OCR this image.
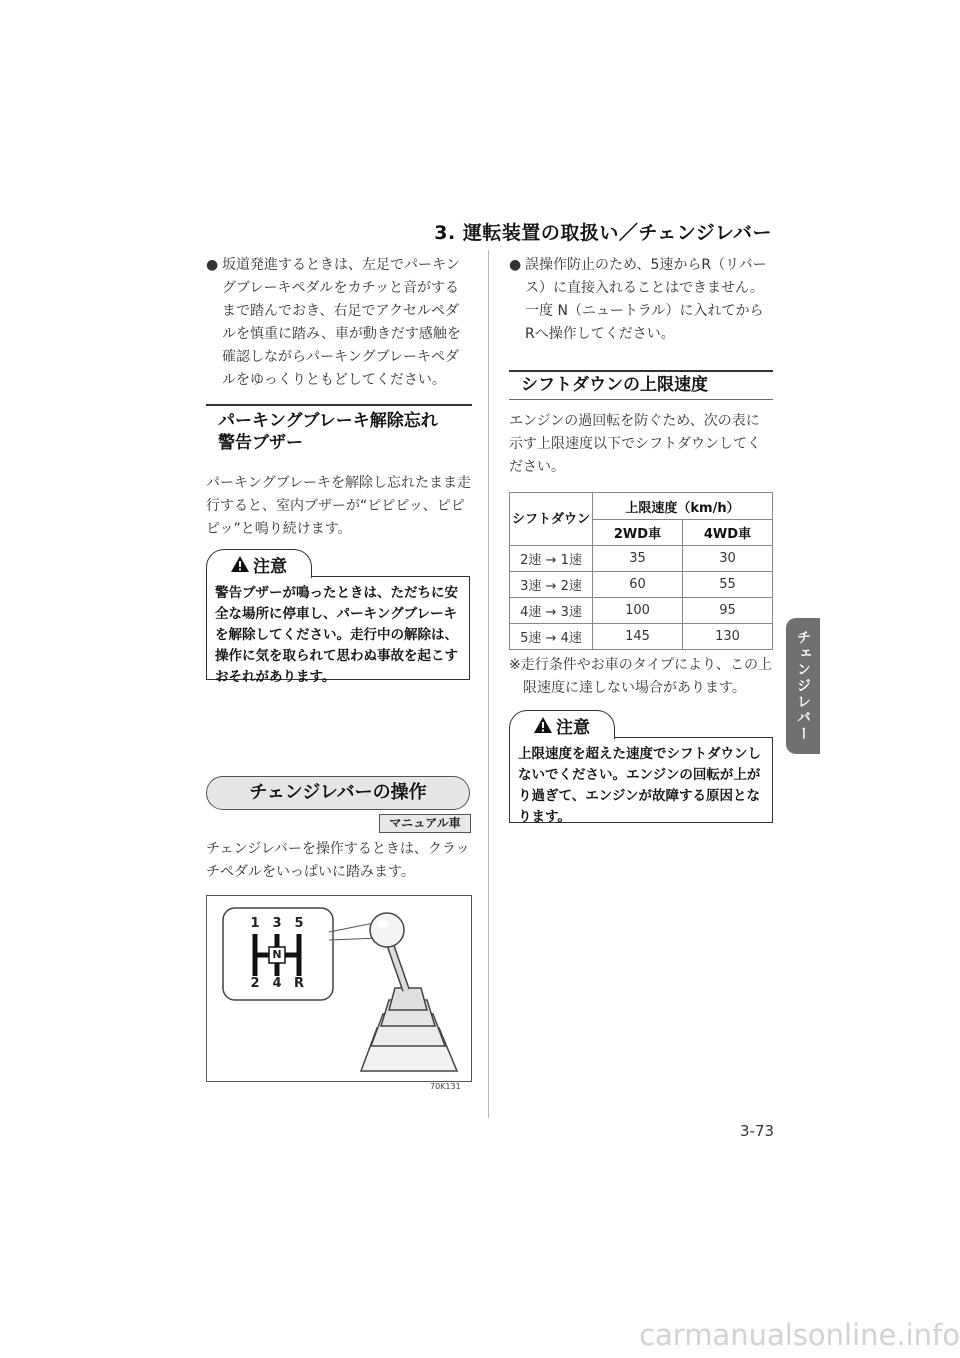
3. 運転装置の取扱い／チェンジレバー
● 坂道発進するときは、左足でパーキングブレーキペダルをカチッと音がするまで踏んでおき、右足でアクセルペダルを慎重に踏み、車が動きだす感触を確認しながらパーキングブレーキペダルをゆっくりともどしてください。
パーキングブレーキ解除忘れ
警告ブザー
パーキングブレーキを解除し忘れたまま走行すると、室内ブザーが“ピピピッ、ピピピッ”と鳴り続けます。
注意
警告ブザーが鳴ったときは、ただちに安全な場所に停車し、パーキングブレーキを解除してください。走行中の解除は、操作に気を取られて思わぬ事故を起こすおそれがあります。
チェンジレバーの操作
マニュアル車
チェンジレバーを操作するときは、クラッチペダルをいっぱいに踏みます。
1 3 5
2 4 R
N
70K131
● 誤操作防止のため、5速からR（リバース）に直接入れることはできません。一度 N（ニュートラル）に入れてからRへ操作してください。
シフトダウンの上限速度
エンジンの過回転を防ぐため、次の表に示す上限速度以下でシフトダウンしてください。
シフトダウン	上限速度（km/h）	
	2WD車	4WD車
2速 → 1速	35	30
3速 → 2速	60	55
4速 → 3速	100	95
5速 → 4速	145	130
※走行条件やお車のタイプにより、この上限速度に達しない場合があります。
注意
上限速度を超えた速度でシフトダウンしないでください。エンジンの回転が上がり過ぎて、エンジンが故障する原因となります。
チェンジレバー
3-73
carmanualsonline.info
